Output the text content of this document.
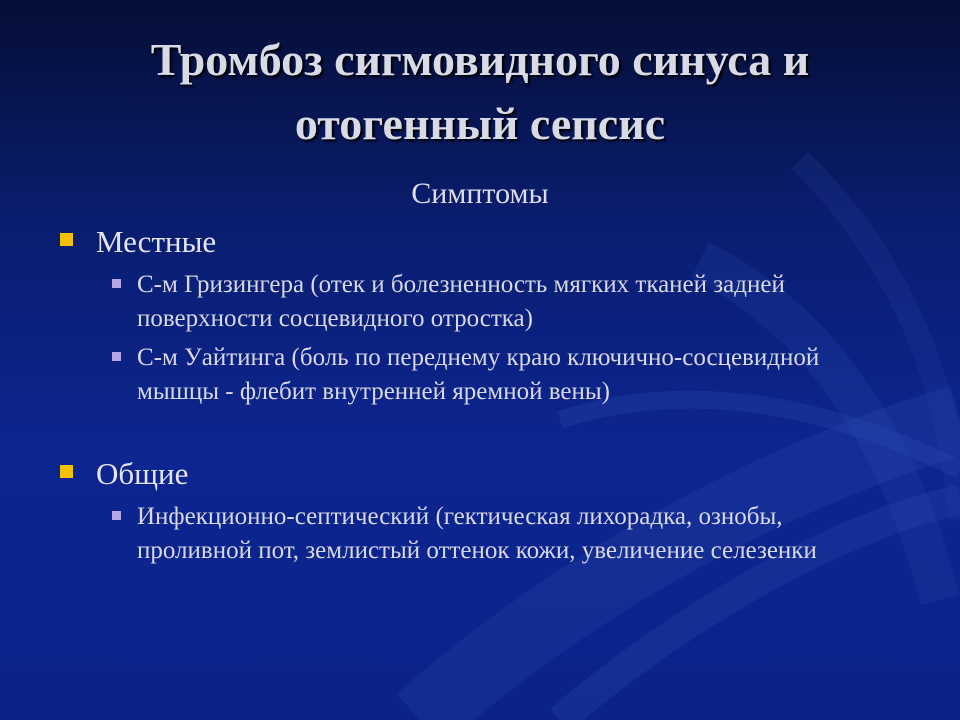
Тромбоз сигмовидного синуса и
отогенный сепсис
Симптомы
Местные
С-м Гризингера (отек и болезненность мягких тканей задней поверхности сосцевидного отростка)
С-м Уайтинга (боль по переднему краю ключично-сосцевидной мышцы - флебит внутренней яремной вены)
Общие
Инфекционно-септический (гектическая лихорадка, ознобы, проливной пот, землистый оттенок кожи, увеличение селезенки
